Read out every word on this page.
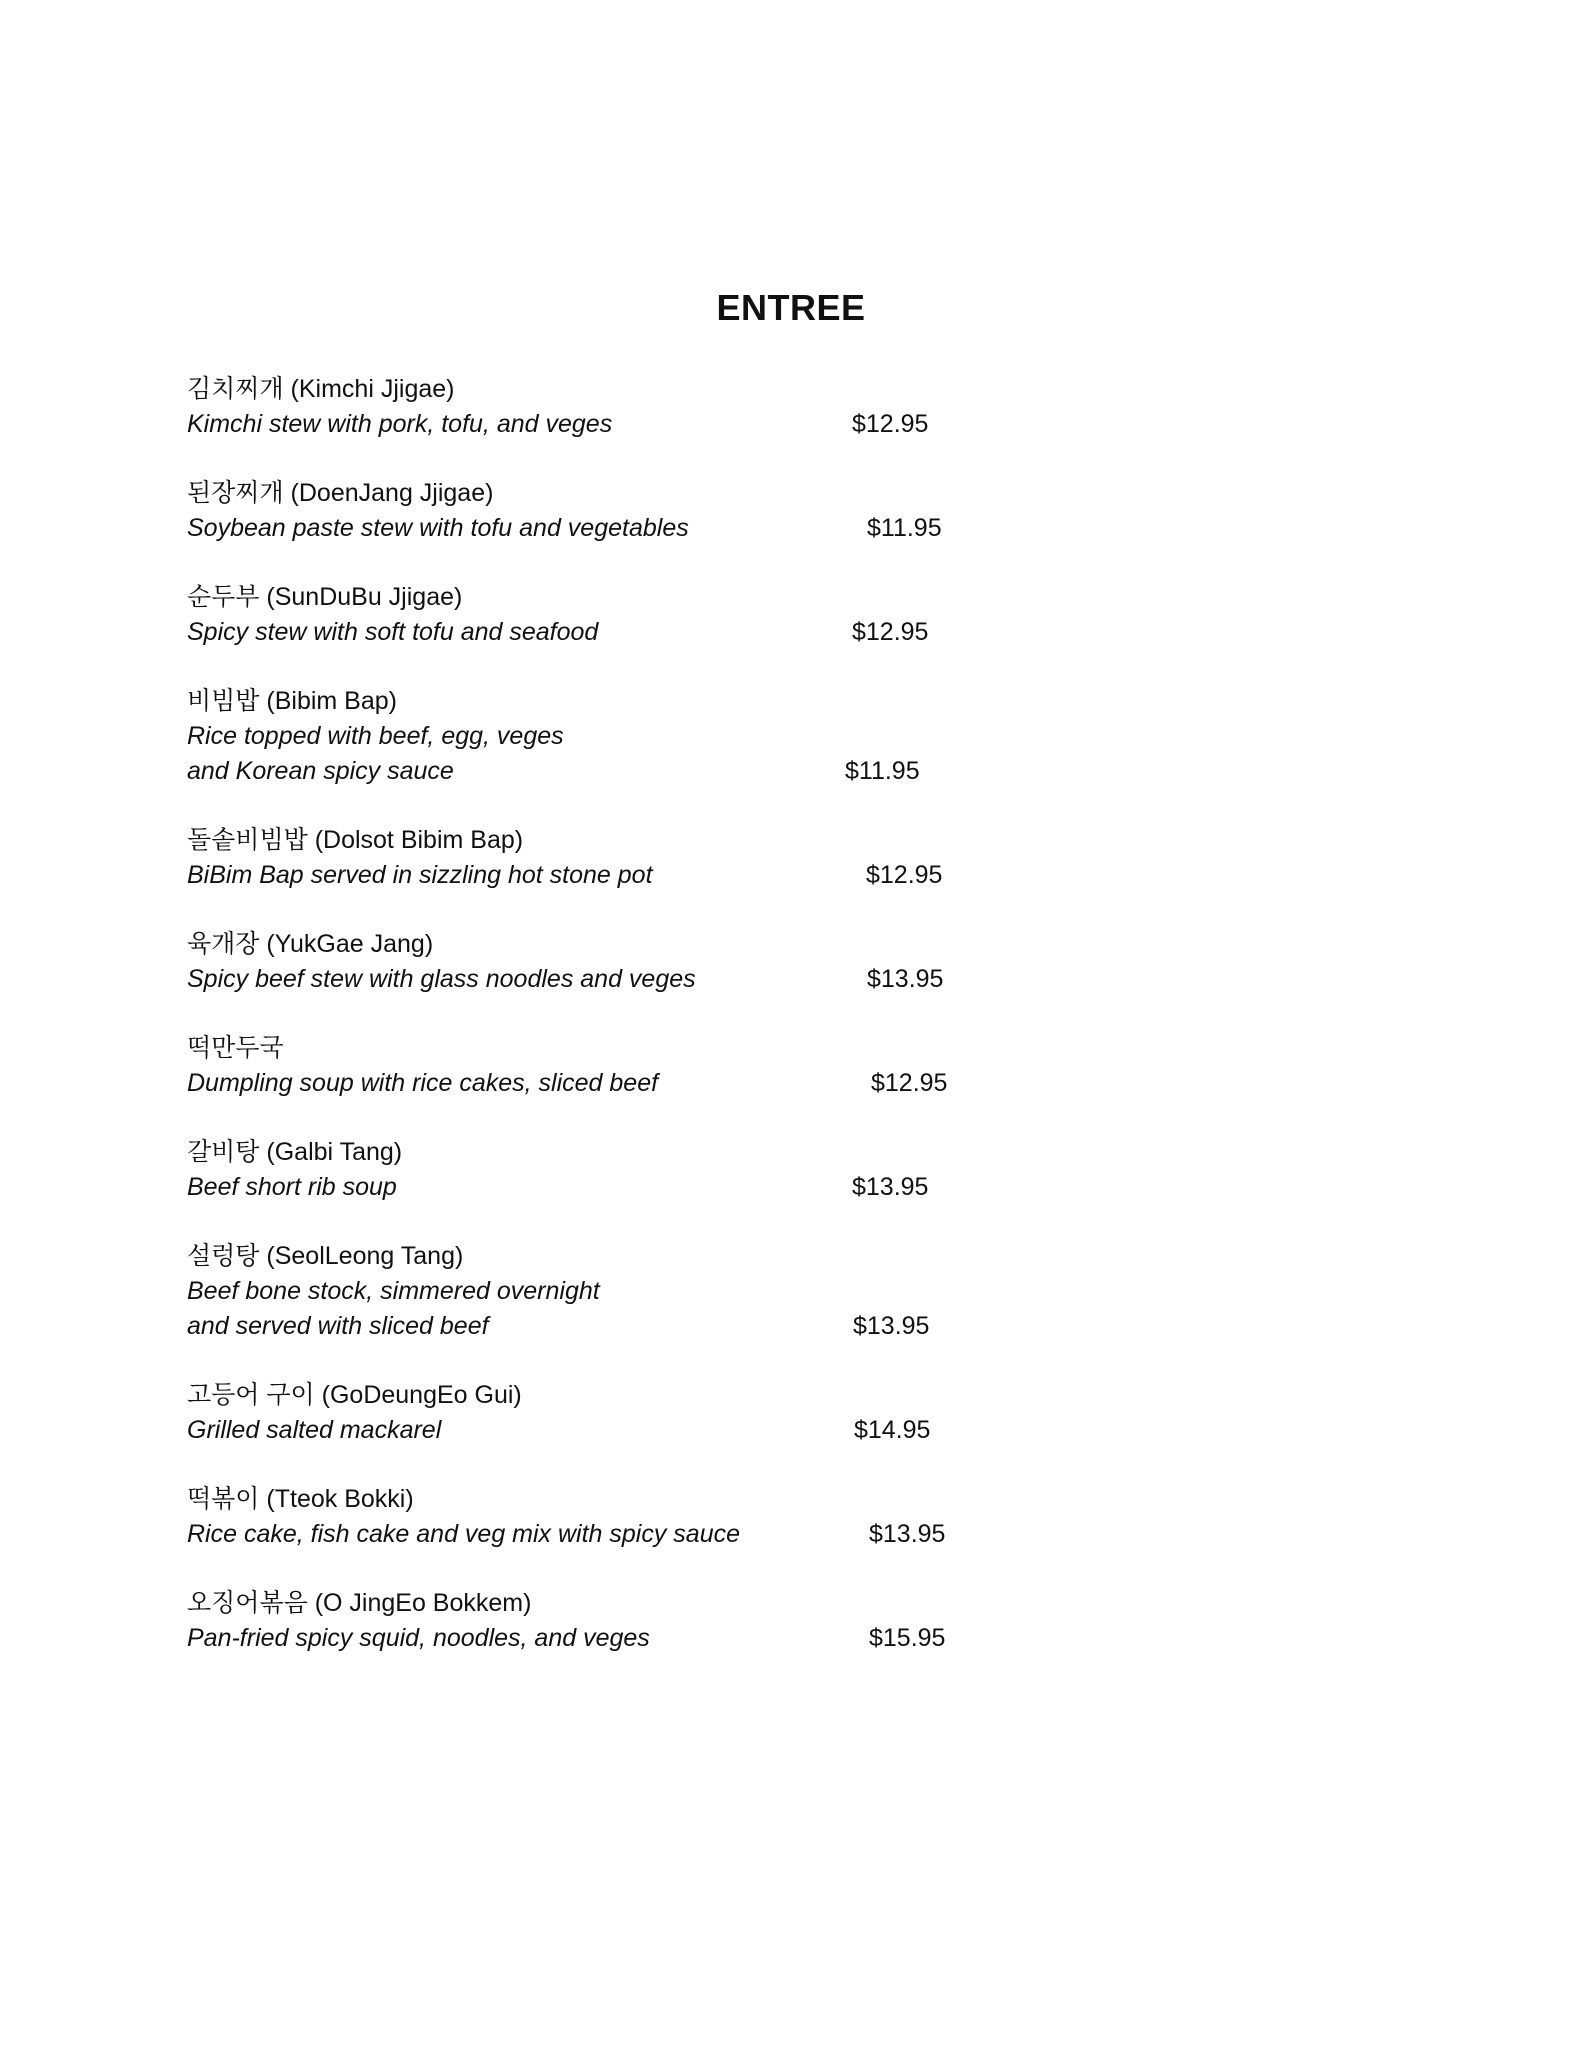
ENTREE
김치찌개 (Kimchi Jjigae)
Kimchi stew with pork, tofu, and veges	$12.95
된장찌개 (DoenJang Jjigae)
Soybean paste stew with tofu and vegetables	$11.95
순두부 (SunDuBu Jjigae)
Spicy stew with soft tofu and seafood	$12.95
비빔밥 (Bibim Bap)
Rice topped with beef, egg, veges
and Korean spicy sauce	$11.95
돌솥비빔밥 (Dolsot Bibim Bap)
BiBim Bap served in sizzling hot stone pot	$12.95
육개장 (YukGae Jang)
Spicy beef stew with glass noodles and veges	$13.95
떡만두국
Dumpling soup with rice cakes, sliced beef	$12.95
갈비탕 (Galbi Tang)
Beef short rib soup	$13.95
설렁탕 (SeolLeong Tang)
Beef bone stock, simmered overnight
and served with sliced beef	$13.95
고등어 구이 (GoDeungEo Gui)
Grilled salted mackarel	$14.95
떡볶이 (Tteok Bokki)
Rice cake, fish cake and veg mix with spicy sauce	$13.95
오징어볶음 (O JingEo Bokkem)
Pan-fried spicy squid, noodles, and veges	$15.95
